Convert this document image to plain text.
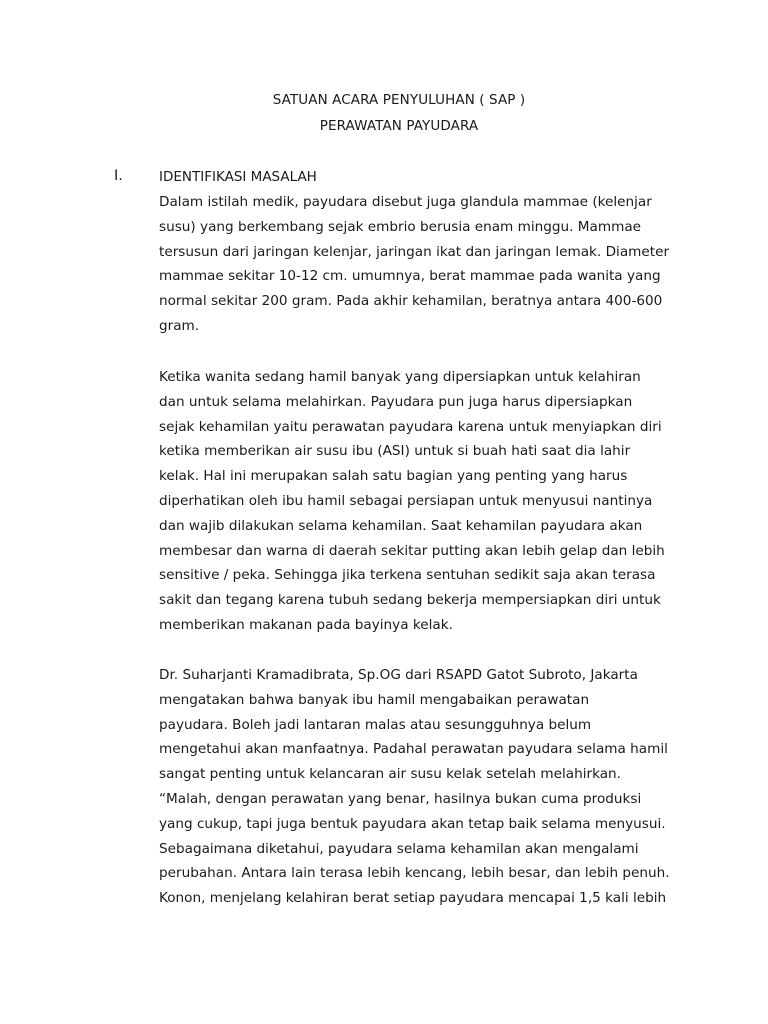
SATUAN ACARA PENYULUHAN ( SAP )
PERAWATAN PAYUDARA
I.	IDENTIFIKASI MASALAH
Dalam istilah medik, payudara disebut juga glandula mammae (kelenjar
susu) yang berkembang sejak embrio berusia enam minggu. Mammae
tersusun dari jaringan kelenjar, jaringan ikat dan jaringan lemak. Diameter
mammae sekitar 10-12 cm. umumnya, berat mammae pada wanita yang
normal sekitar 200 gram. Pada akhir kehamilan, beratnya antara 400-600
gram.
Ketika wanita sedang hamil banyak yang dipersiapkan untuk kelahiran
dan untuk selama melahirkan. Payudara pun juga harus dipersiapkan
sejak kehamilan yaitu perawatan payudara karena untuk menyiapkan diri
ketika memberikan air susu ibu (ASI) untuk si buah hati saat dia lahir
kelak. Hal ini merupakan salah satu bagian yang penting yang harus
diperhatikan oleh ibu hamil sebagai persiapan untuk menyusui nantinya
dan wajib dilakukan selama kehamilan. Saat kehamilan payudara akan
membesar dan warna di daerah sekitar putting akan lebih gelap dan lebih
sensitive / peka. Sehingga jika terkena sentuhan sedikit saja akan terasa
sakit dan tegang karena tubuh sedang bekerja mempersiapkan diri untuk
memberikan makanan pada bayinya kelak.
Dr. Suharjanti Kramadibrata, Sp.OG dari RSAPD Gatot Subroto, Jakarta
mengatakan bahwa banyak ibu hamil mengabaikan perawatan
payudara. Boleh jadi lantaran malas atau sesungguhnya belum
mengetahui akan manfaatnya. Padahal perawatan payudara selama hamil
sangat penting untuk kelancaran air susu kelak setelah melahirkan.
“Malah, dengan perawatan yang benar, hasilnya bukan cuma produksi
yang cukup, tapi juga bentuk payudara akan tetap baik selama menyusui.
Sebagaimana diketahui, payudara selama kehamilan akan mengalami
perubahan. Antara lain terasa lebih kencang, lebih besar, dan lebih penuh.
Konon, menjelang kelahiran berat setiap payudara mencapai 1,5 kali lebih
